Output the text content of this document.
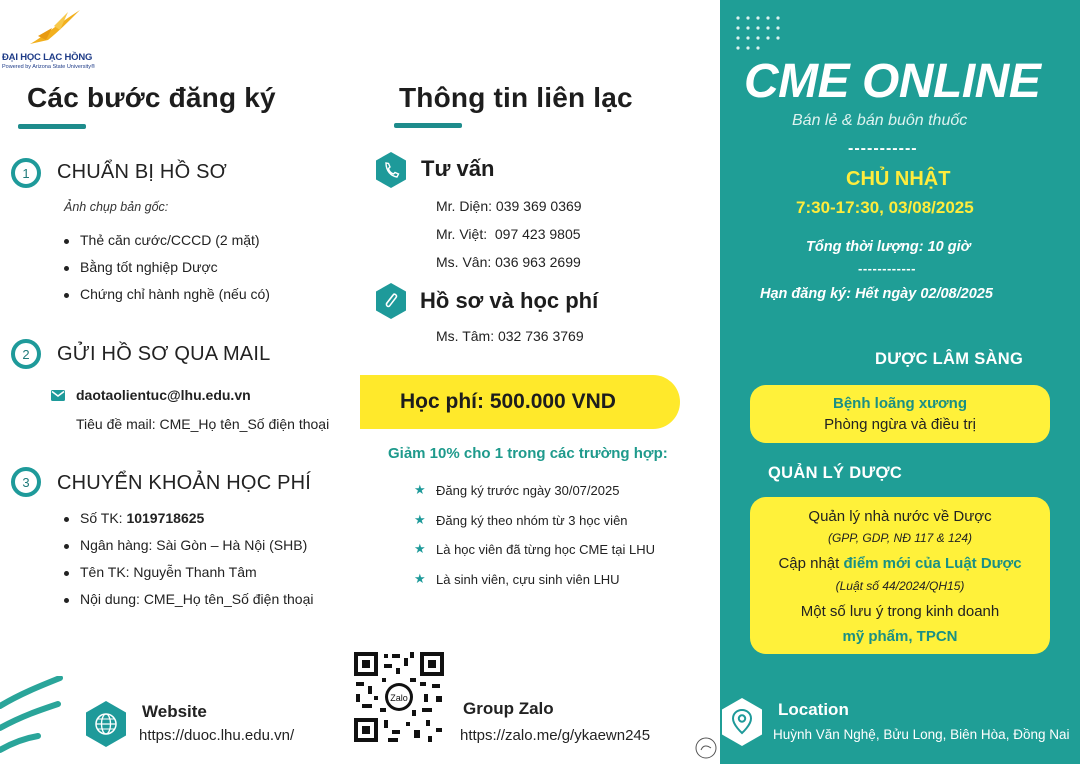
ĐẠI HỌC LẠC HỒNG
Powered by Arizona State University®
Các bước đăng ký
1	CHUẨN BỊ HỒ SƠ
Ảnh chụp bản gốc:
Thẻ căn cước/CCCD (2 mặt)
Bằng tốt nghiệp Dược
Chứng chỉ hành nghề (nếu có)
2	GỬI HỒ SƠ QUA MAIL
daotaolientuc@lhu.edu.vn
Tiêu đề mail: CME_Họ tên_Số điện thoại
3	CHUYỂN KHOẢN HỌC PHÍ
Số TK: 1019718625
Ngân hàng: Sài Gòn – Hà Nội (SHB)
Tên TK: Nguyễn Thanh Tâm
Nội dung: CME_Họ tên_Số điện thoại
Thông tin liên lạc
Tư vấn
Mr. Diện: 039 369 0369
Mr. Việt: 097 423 9805
Ms. Vân: 036 963 2699
Hồ sơ và học phí
Ms. Tâm: 032 736 3769
Học phí: 500.000 VND
Giảm 10% cho 1 trong các trường hợp:
★ Đăng ký trước ngày 30/07/2025
★ Đăng ký theo nhóm từ 3 học viên
★ Là học viên đã từng học CME tại LHU
★ Là sinh viên, cựu sinh viên LHU
Website
https://duoc.lhu.edu.vn/
Zalo
Group Zalo
https://zalo.me/g/ykaewn245
CME ONLINE
Bán lẻ & bán buôn thuốc
-----------
CHỦ NHẬT
7:30-17:30, 03/08/2025
Tổng thời lượng: 10 giờ
------------
Hạn đăng ký: Hết ngày 02/08/2025
DƯỢC LÂM SÀNG
Bệnh loãng xương
Phòng ngừa và điều trị
QUẢN LÝ DƯỢC
Quản lý nhà nước về Dược
(GPP, GDP, NĐ 117 & 124)
Cập nhật điểm mới của Luật Dược
(Luật số 44/2024/QH15)
Một số lưu ý trong kinh doanh
mỹ phẩm, TPCN
Location
Huỳnh Văn Nghệ, Bửu Long, Biên Hòa, Đồng Nai
